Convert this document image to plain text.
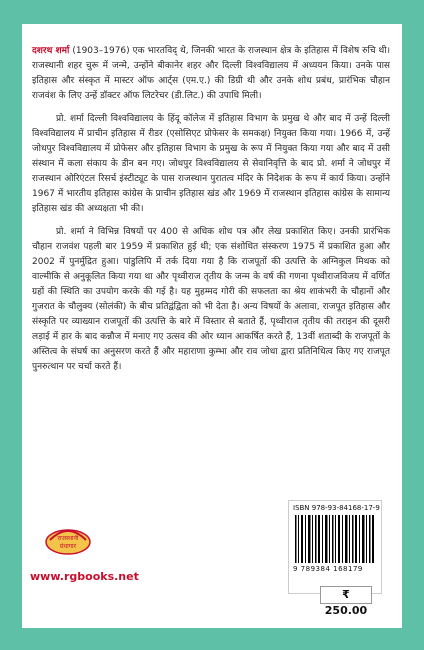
दशरथ शर्मा (1903–1976) एक भारतविद् थे, जिनकी भारत के राजस्थान क्षेत्र के इतिहास में विशेष रुचि थी। राजस्थानी शहर चुरू में जन्मे, उन्होंने बीकानेर शहर और दिल्ली विश्वविद्यालय में अध्ययन किया। उनके पास इतिहास और संस्कृत में मास्टर ऑफ आर्ट्स (एम.ए.) की डिग्री थी और उनके शोध प्रबंध, प्रारंभिक चौहान राजवंश के लिए उन्हें डॉक्टर ऑफ लिटरेचर (डी.लिट.) की उपाधि मिली।

प्रो. शर्मा दिल्ली विश्वविद्यालय के हिंदू कॉलेज में इतिहास विभाग के प्रमुख थे और बाद में उन्हें दिल्ली विश्वविद्यालय में प्राचीन इतिहास में रीडर (एसोसिएट प्रोफेसर के समकक्ष) नियुक्त किया गया। 1966 में, उन्हें जोधपुर विश्वविद्यालय में प्रोफेसर और इतिहास विभाग के प्रमुख के रूप में नियुक्त किया गया और बाद में उसी संस्थान में कला संकाय के डीन बन गए। जोधपुर विश्वविद्यालय से सेवानिवृत्ति के बाद प्रो. शर्मा ने जोधपुर में राजस्थान ओरिएंटल रिसर्च इंस्टीट्यूट के पास राजस्थान पुरातत्व मंदिर के निदेशक के रूप में कार्य किया। उन्होंने 1967 में भारतीय इतिहास कांग्रेस के प्राचीन इतिहास खंड और 1969 में राजस्थान इतिहास कांग्रेस के सामान्य इतिहास खंड की अध्यक्षता भी की।

प्रो. शर्मा ने विभिन्न विषयों पर 400 से अधिक शोध पत्र और लेख प्रकाशित किए। उनकी प्रारंभिक चौहान राजवंश पहली बार 1959 में प्रकाशित हुई थी; एक संशोधित संस्करण 1975 में प्रकाशित हुआ और 2002 में पुनर्मुद्रित हुआ। पांडुलिपि में तर्क दिया गया है कि राजपूतों की उत्पत्ति के अग्निकुल मिथक को वाल्मीकि से अनुकूलित किया गया था और पृथ्वीराज तृतीय के जन्म के वर्ष की गणना पृथ्वीराजविजय में वर्णित ग्रहों की स्थिति का उपयोग करके की गई है। यह मुहम्मद गोरी की सफलता का श्रेय शाकंभरी के चौहानों और गुजरात के चौलुक्य (सोलंकी) के बीच प्रतिद्वंद्विता को भी देता है। अन्य विषयों के अलावा, राजपूत इतिहास और संस्कृति पर व्याख्यान राजपूतों की उत्पत्ति के बारे में विस्तार से बताते हैं, पृथ्वीराज तृतीय की तराइन की दूसरी लड़ाई में हार के बाद कन्नौज में मनाए गए उत्सव की ओर ध्यान आकर्षित करते हैं, 13वीं शताब्दी के राजपूतों के अस्तित्व के संघर्ष का अनुसरण करते हैं और महाराणा कुम्भा और राव जोधा द्वारा प्रतिनिधित्व किए गए राजपूत पुनरुत्थान पर चर्चा करते हैं।

राजस्थानी
ग्रंथागार
www.rgbooks.net
ISBN 978-93-84168-17-9
9 789384 168179
₹ 250.00
